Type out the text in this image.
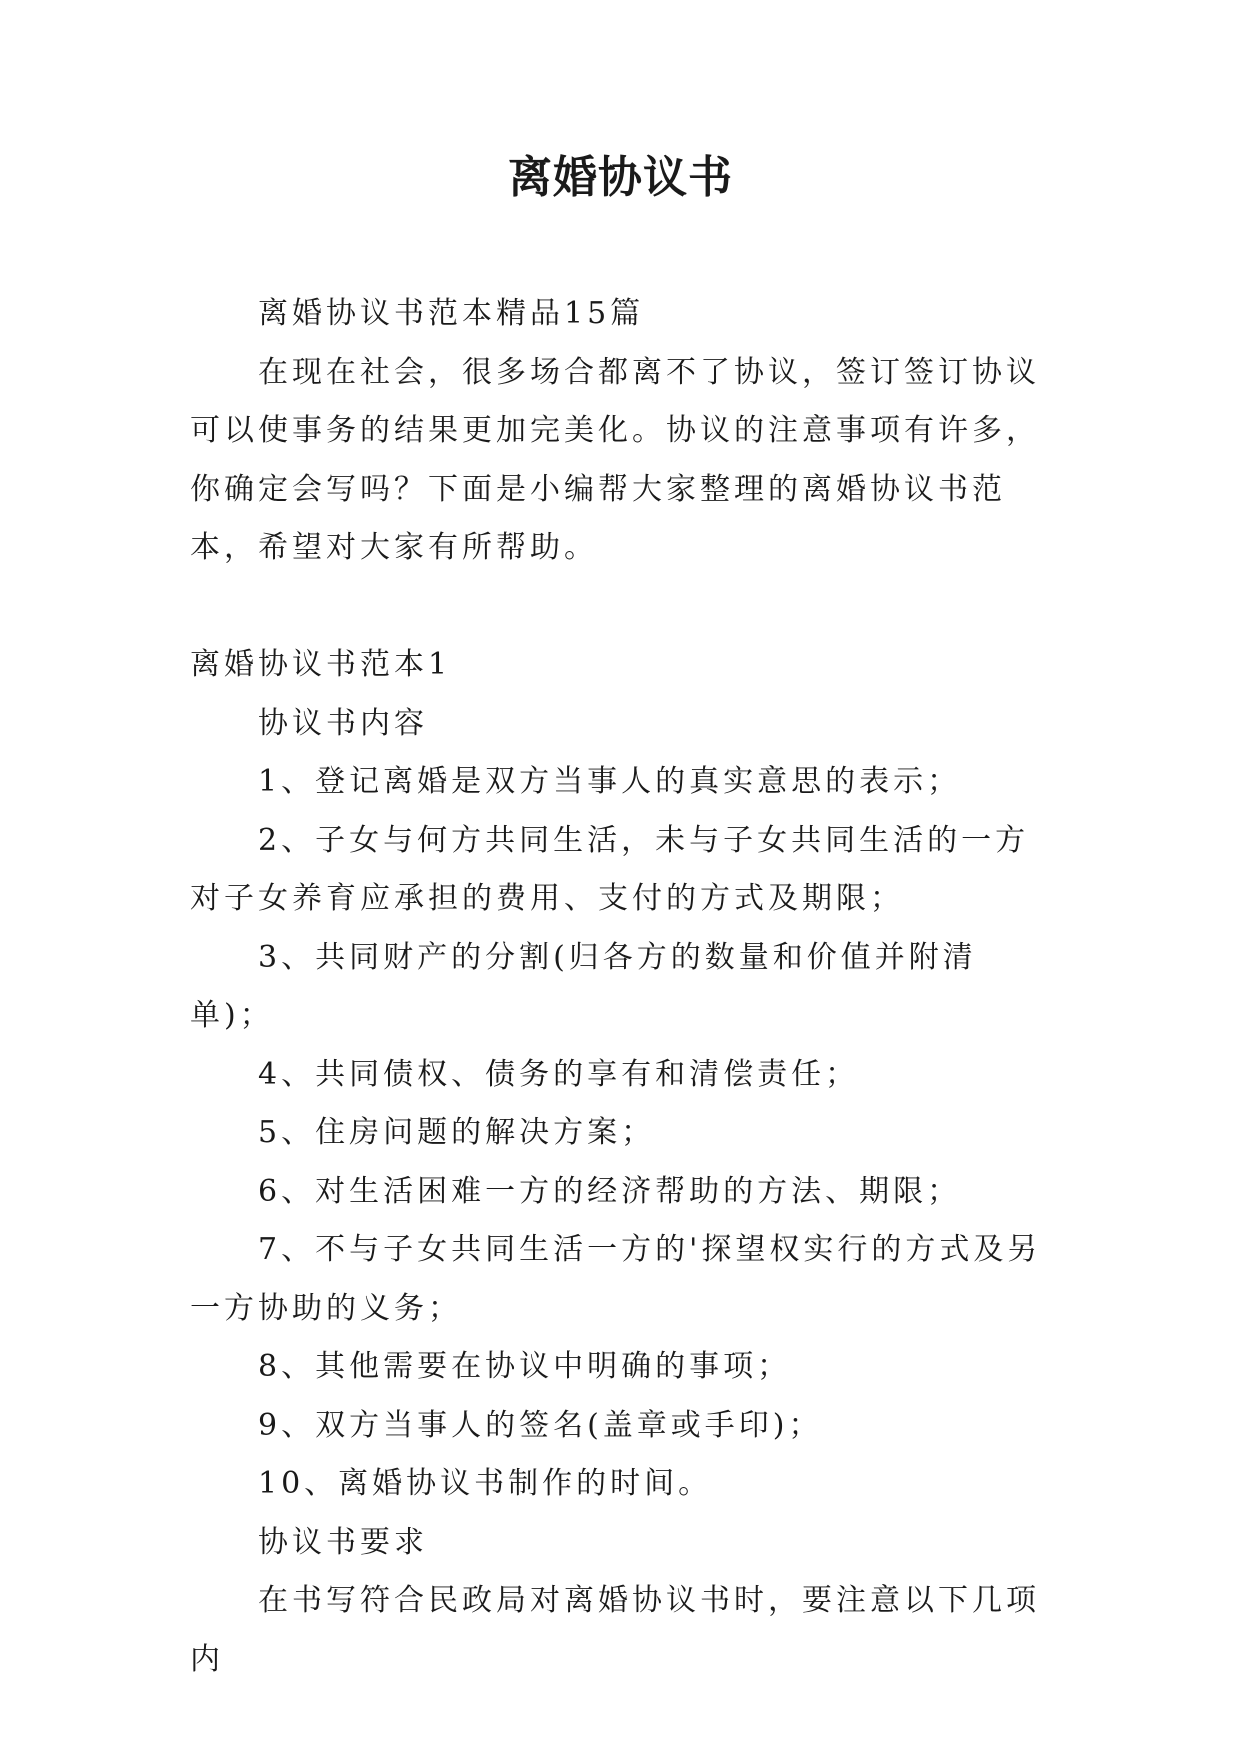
离婚协议书

离婚协议书范本精品15篇

在现在社会，很多场合都离不了协议，签订签订协议可以使事务的结果更加完美化。协议的注意事项有许多，你确定会写吗？下面是小编帮大家整理的离婚协议书范本，希望对大家有所帮助。

离婚协议书范本1

协议书内容

1、登记离婚是双方当事人的真实意思的表示；

2、子女与何方共同生活，未与子女共同生活的一方对子女养育应承担的费用、支付的方式及期限；

3、共同财产的分割(归各方的数量和价值并附清单)；

4、共同债权、债务的享有和清偿责任；

5、住房问题的解决方案；

6、对生活困难一方的经济帮助的方法、期限；

7、不与子女共同生活一方的'探望权实行的方式及另一方协助的义务；

8、其他需要在协议中明确的事项；

9、双方当事人的签名(盖章或手印)；

10、离婚协议书制作的时间。

协议书要求

在书写符合民政局对离婚协议书时，要注意以下几项内
